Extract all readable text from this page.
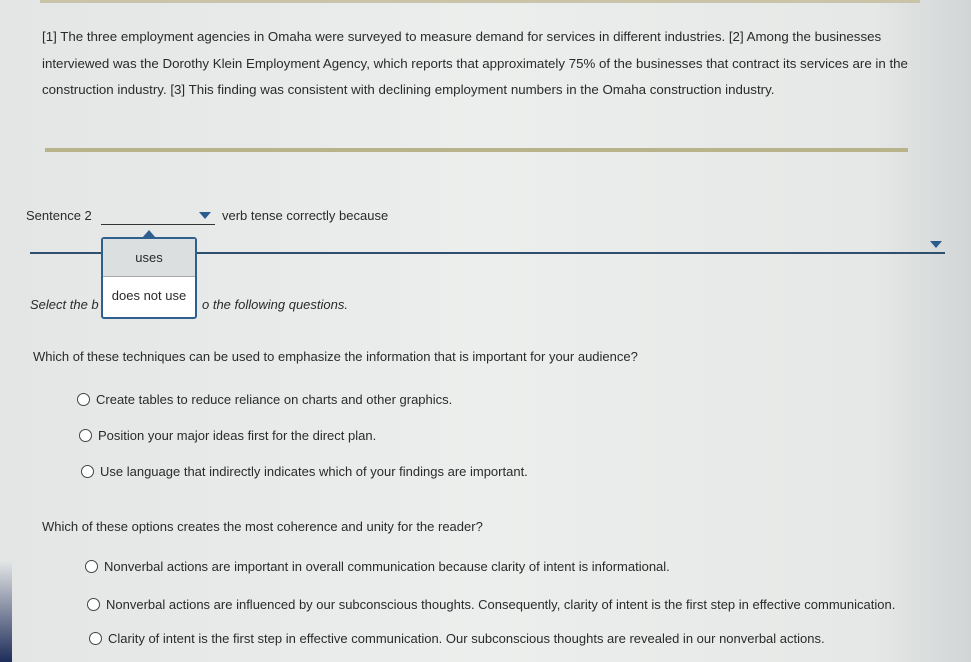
[1] The three employment agencies in Omaha were surveyed to measure demand for services in different industries. [2] Among the businesses interviewed was the Dorothy Klein Employment Agency, which reports that approximately 75% of the businesses that contract its services are in the construction industry. [3] This finding was consistent with declining employment numbers in the Omaha construction industry.
Sentence 2	verb tense correctly because
Select the b	o the following questions.
uses
does not use
Which of these techniques can be used to emphasize the information that is important for your audience?
Create tables to reduce reliance on charts and other graphics.
Position your major ideas first for the direct plan.
Use language that indirectly indicates which of your findings are important.
Which of these options creates the most coherence and unity for the reader?
Nonverbal actions are important in overall communication because clarity of intent is informational.
Nonverbal actions are influenced by our subconscious thoughts. Consequently, clarity of intent is the first step in effective communication.
Clarity of intent is the first step in effective communication. Our subconscious thoughts are revealed in our nonverbal actions.
